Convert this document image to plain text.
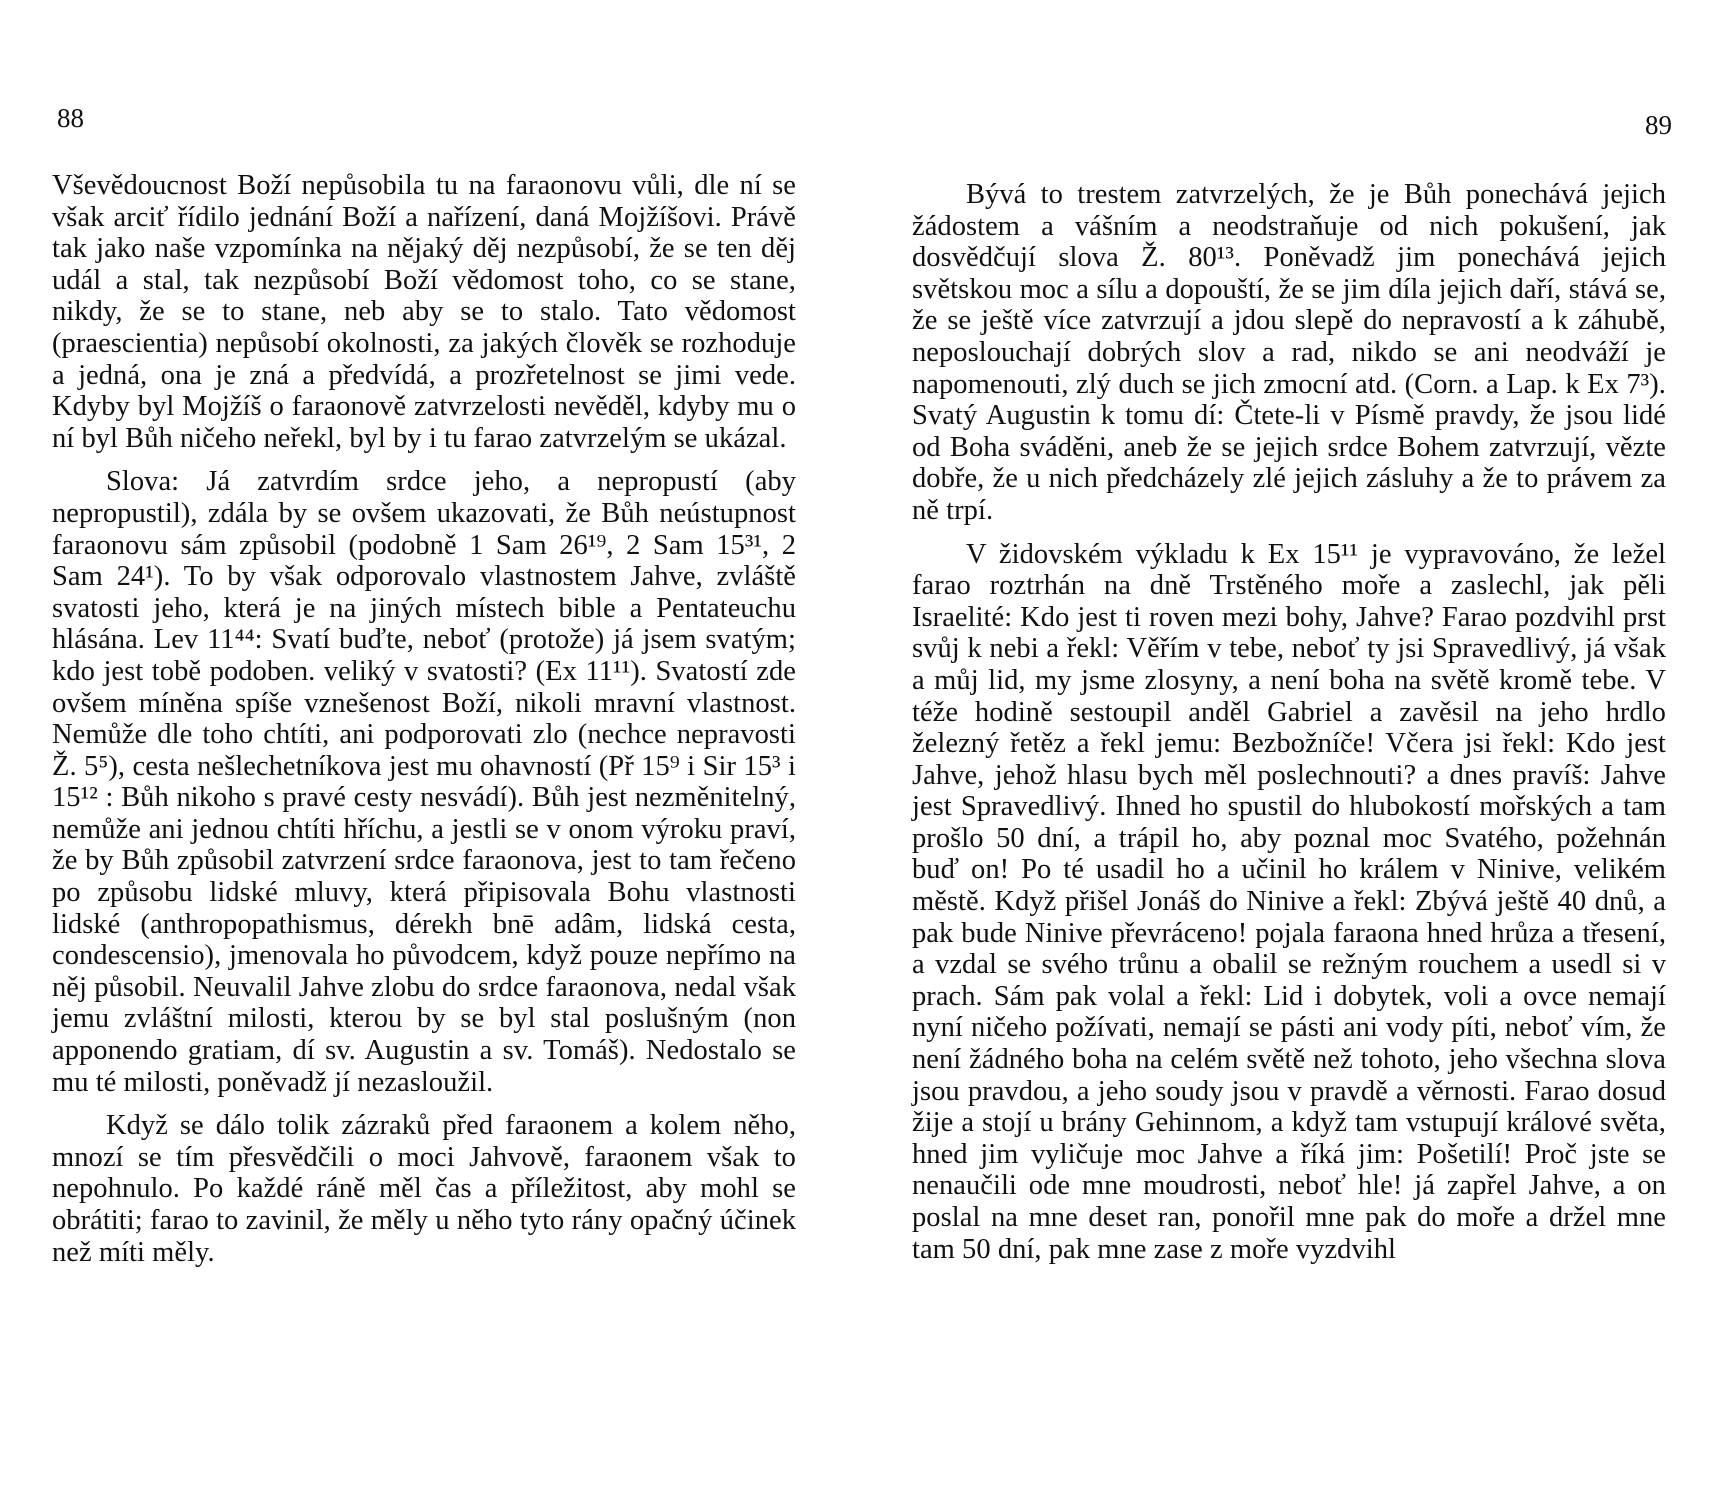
88

Vševědoucnost Boží nepůsobila tu na faraonovu vůli, dle ní se však arciť řídilo jednání Boží a nařízení, daná Mojžíšovi. Právě tak jako naše vzpomínka na nějaký děj nezpůsobí, že se ten děj udál a stal, tak nezpůsobí Boží vědomost toho, co se stane, nikdy, že se to stane, neb aby se to stalo. Tato vědomost (praescientia) nepůsobí okolnosti, za jakých člověk se rozhoduje a jedná, ona je zná a předvídá, a prozřetelnost se jimi vede. Kdyby byl Mojžíš o faraonově zatvrzelosti nevěděl, kdyby mu o ní byl Bůh ničeho neřekl, byl by i tu farao zatvrzelým se ukázal.

Slova: Já zatvrdím srdce jeho, a nepropustí (aby nepropustil), zdála by se ovšem ukazovati, že Bůh neústupnost faraonovu sám způsobil (podobně 1 Sam 26¹⁹, 2 Sam 15³¹, 2 Sam 24¹). To by však odporovalo vlastnostem Jahve, zvláště svatosti jeho, která je na jiných místech bible a Pentateuchu hlásána. Lev 11⁴⁴: Svatí buďte, neboť (protože) já jsem svatým; kdo jest tobě podoben. veliký v svatosti? (Ex 11¹¹). Svatostí zde ovšem míněna spíše vznešenost Boží, nikoli mravní vlastnost. Nemůže dle toho chtíti, ani podporovati zlo (nechce nepravosti Ž. 5⁵), cesta nešlechetníkova jest mu ohavností (Př 15⁹ i Sir 15³ i 15¹² : Bůh nikoho s pravé cesty nesvádí). Bůh jest nezměnitelný, nemůže ani jednou chtíti hříchu, a jestli se v onom výroku praví, že by Bůh způsobil zatvrzení srdce faraonova, jest to tam řečeno po způsobu lidské mluvy, která připisovala Bohu vlastnosti lidské (anthropopathismus, dérekh bnē adâm, lidská cesta, condescensio), jmenovala ho původcem, když pouze nepřímo na něj působil. Neuvalil Jahve zlobu do srdce faraonova, nedal však jemu zvláštní milosti, kterou by se byl stal poslušným (non apponendo gratiam, dí sv. Augustin a sv. Tomáš). Nedostalo se mu té milosti, poněvadž jí nezasloužil.

Když se dálo tolik zázraků před faraonem a kolem něho, mnozí se tím přesvědčili o moci Jahvově, faraonem však to nepohnulo. Po každé ráně měl čas a příležitost, aby mohl se obrátiti; farao to zavinil, že měly u něho tyto rány opačný účinek než míti měly.

89

Bývá to trestem zatvrzelých, že je Bůh ponechává jejich žádostem a vášním a neodstraňuje od nich pokušení, jak dosvědčují slova Ž. 80¹³. Poněvadž jim ponechává jejich světskou moc a sílu a dopouští, že se jim díla jejich daří, stává se, že se ještě více zatvrzují a jdou slepě do nepravostí a k záhubě, neposlouchají dobrých slov a rad, nikdo se ani neodváží je napomenouti, zlý duch se jich zmocní atd. (Corn. a Lap. k Ex 7³). Svatý Augustin k tomu dí: Čtete-li v Písmě pravdy, že jsou lidé od Boha sváděni, aneb že se jejich srdce Bohem zatvrzují, vězte dobře, že u nich předcházely zlé jejich zásluhy a že to právem za ně trpí.

V židovském výkladu k Ex 15¹¹ je vypravováno, že ležel farao roztrhán na dně Trstěného moře a zaslechl, jak pěli Israelité: Kdo jest ti roven mezi bohy, Jahve? Farao pozdvihl prst svůj k nebi a řekl: Věřím v tebe, neboť ty jsi Spravedlivý, já však a můj lid, my jsme zlosyny, a není boha na světě kromě tebe. V téže hodině sestoupil anděl Gabriel a zavěsil na jeho hrdlo železný řetěz a řekl jemu: Bezbožníče! Včera jsi řekl: Kdo jest Jahve, jehož hlasu bych měl poslechnouti? a dnes pravíš: Jahve jest Spravedlivý. Ihned ho spustil do hlubokostí mořských a tam prošlo 50 dní, a trápil ho, aby poznal moc Svatého, požehnán buď on! Po té usadil ho a učinil ho králem v Ninive, velikém městě. Když přišel Jonáš do Ninive a řekl: Zbývá ještě 40 dnů, a pak bude Ninive převráceno! pojala faraona hned hrůza a třesení, a vzdal se svého trůnu a obalil se režným rouchem a usedl si v prach. Sám pak volal a řekl: Lid i dobytek, voli a ovce nemají nyní ničeho požívati, nemají se pásti ani vody píti, neboť vím, že není žádného boha na celém světě než tohoto, jeho všechna slova jsou pravdou, a jeho soudy jsou v pravdě a věrnosti. Farao dosud žije a stojí u brány Gehinnom, a když tam vstupují králové světa, hned jim vyličuje moc Jahve a říká jim: Pošetilí! Proč jste se nenaučili ode mne moudrosti, neboť hle! já zapřel Jahve, a on poslal na mne deset ran, ponořil mne pak do moře a držel mne tam 50 dní, pak mne zase z moře vyzdvihl
